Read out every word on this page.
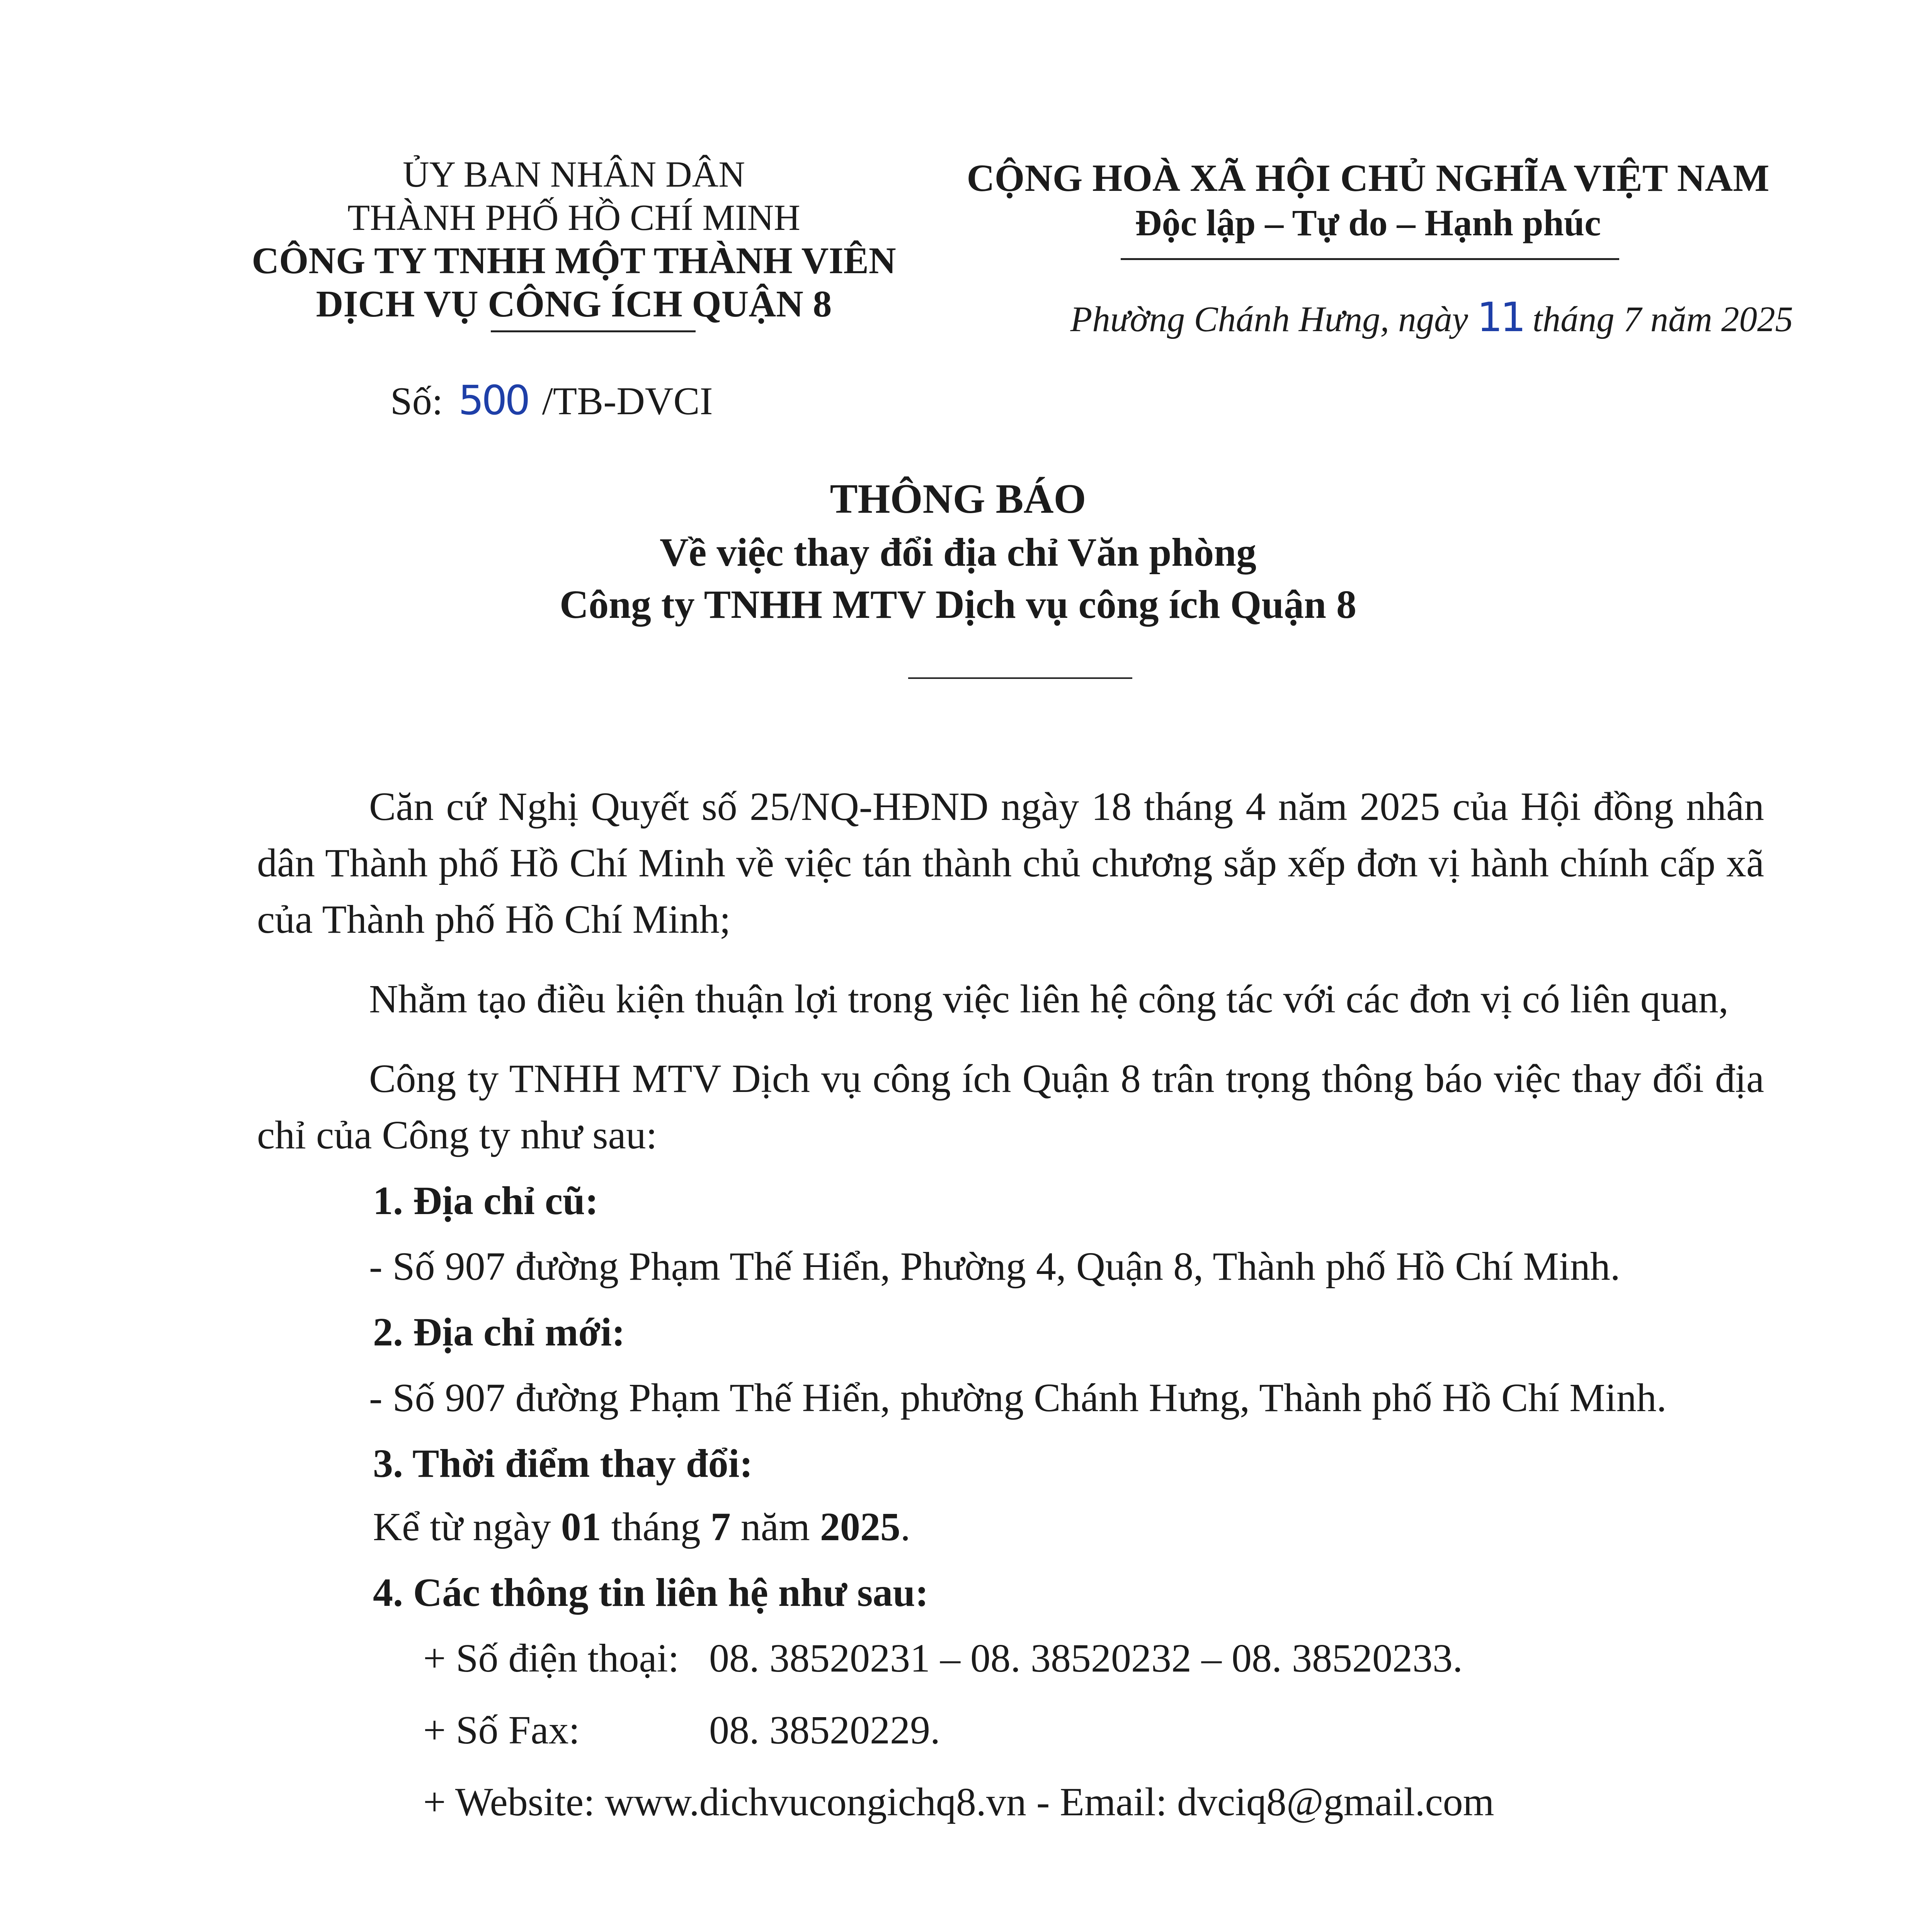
ỦY BAN NHÂN DÂN
THÀNH PHỐ HỒ CHÍ MINH
CÔNG TY TNHH MỘT THÀNH VIÊN
DỊCH VỤ CÔNG ÍCH QUẬN 8
CỘNG HOÀ XÃ HỘI CHỦ NGHĨA VIỆT NAM
Độc lập – Tự do – Hạnh phúc
Phường Chánh Hưng, ngày 11 tháng 7 năm 2025
Số: 500 /TB-DVCI
THÔNG BÁO
Về việc thay đổi địa chỉ Văn phòng
Công ty TNHH MTV Dịch vụ công ích Quận 8

Căn cứ Nghị Quyết số 25/NQ-HĐND ngày 18 tháng 4 năm 2025 của Hội đồng nhân dân Thành phố Hồ Chí Minh về việc tán thành chủ chương sắp xếp đơn vị hành chính cấp xã của Thành phố Hồ Chí Minh;

Nhằm tạo điều kiện thuận lợi trong việc liên hệ công tác với các đơn vị có liên quan,

Công ty TNHH MTV Dịch vụ công ích Quận 8 trân trọng thông báo việc thay đổi địa chỉ của Công ty như sau:

1. Địa chỉ cũ:

- Số 907 đường Phạm Thế Hiển, Phường 4, Quận 8, Thành phố Hồ Chí Minh.

2. Địa chỉ mới:

- Số 907 đường Phạm Thế Hiển, phường Chánh Hưng, Thành phố Hồ Chí Minh.

3. Thời điểm thay đổi:

Kể từ ngày 01 tháng 7 năm 2025.

4. Các thông tin liên hệ như sau:

+ Số điện thoại: 08. 38520231 – 08. 38520232 – 08. 38520233.

+ Số Fax:	08. 38520229.

+ Website: www.dichvucongichq8.vn - Email: dvciq8@gmail.com
